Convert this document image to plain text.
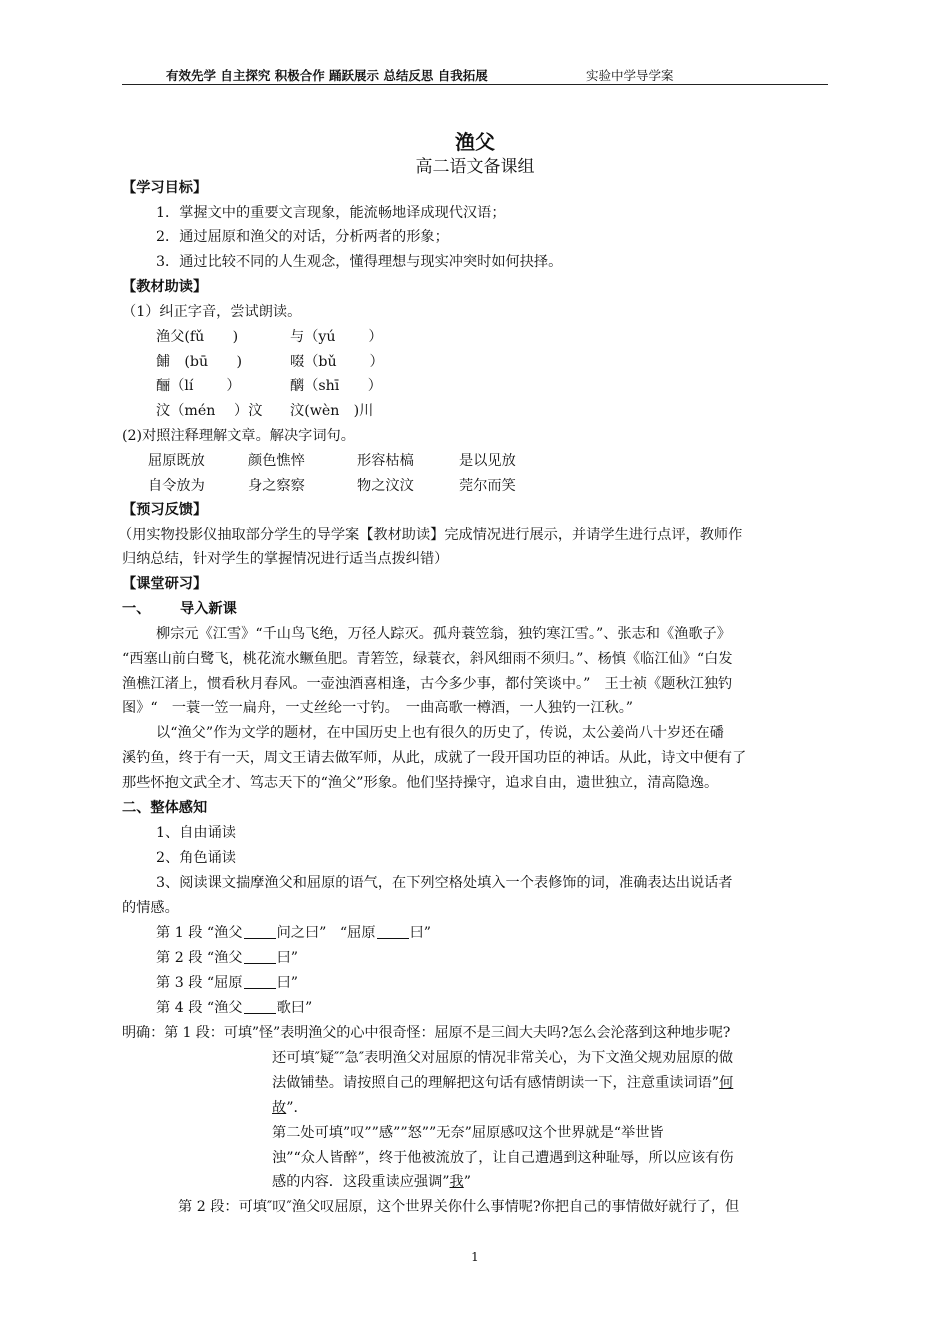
有效先学 自主探究 积极合作 踊跃展示 总结反思 自我拓展	实验中学导学案
渔父
高二语文备课组
【学习目标】
1．掌握文中的重要文言现象，能流畅地译成现代汉语；
2．通过屈原和渔父的对话，分析两者的形象；
3．通过比较不同的人生观念，懂得理想与现实冲突时如何抉择。
【教材助读】
（1）纠正字音，尝试朗读。
渔父(fǔ　　)	与（yú　　 ）
餔　(bū　　)	啜（bǔ　　 ）
酾（lí　　 ）	醨（shī　　）
汶（mén　 ）汶 汶(wèn　)川
(2)对照注释理解文章。解决字词句。
屈原既放	颜色憔悴	形容枯槁	是以见放
自令放为	身之察察	物之汶汶	莞尔而笑
【预习反馈】
（用实物投影仪抽取部分学生的导学案【教材助读】完成情况进行展示，并请学生进行点评，教师作
归纳总结，针对学生的掌握情况进行适当点拨纠错）
【课堂研习】
一、 导入新课
柳宗元《江雪》“千山鸟飞绝，万径人踪灭。孤舟蓑笠翁，独钓寒江雪。”、张志和《渔歌子》
“西塞山前白鹭飞，桃花流水鳜鱼肥。青箬笠，绿蓑衣，斜风细雨不须归。”、杨慎《临江仙》“白发
渔樵江渚上，惯看秋月春风。一壶浊酒喜相逢，古今多少事，都付笑谈中。”　王士祯《题秋江独钓
图》“　一蓑一笠一扁舟，一丈丝纶一寸钓。　一曲高歌一樽酒，一人独钓一江秋。”
以“渔父”作为文学的题材，在中国历史上也有很久的历史了，传说，太公姜尚八十岁还在磻
溪钓鱼，终于有一天，周文王请去做军师，从此，成就了一段开国功臣的神话。从此，诗文中便有了
那些怀抱文武全才、笃志天下的“渔父”形象。他们坚持操守，追求自由，遗世独立，清高隐逸。
二、整体感知
1、自由诵读
2、角色诵读
3、阅读课文揣摩渔父和屈原的语气，在下列空格处填入一个表修饰的词，准确表达出说话者
的情感。
第 1 段 “渔父 问之曰” “屈原 曰”
第 2 段 “渔父 曰”
第 3 段 “屈原 曰”
第 4 段 “渔父 歌曰”
明确：第 1 段：可填”怪”表明渔父的心中很奇怪：屈原不是三闾大夫吗?怎么会沦落到这种地步呢?
还可填″疑″″急″表明渔父对屈原的情况非常关心，为下文渔父规劝屈原的做
法做铺垫。请按照自己的理解把这句话有感情朗读一下，注意重读词语”何
故”．
第二处可填”叹””感””怒””无奈”屈原感叹这个世界就是“举世皆
浊”“众人皆醉”，终于他被流放了，让自己遭遇到这种耻辱，所以应该有伤
感的内容．这段重读应强调”我”
第 2 段：可填″叹″渔父叹屈原，这个世界关你什么事情呢?你把自己的事情做好就行了，但
1
